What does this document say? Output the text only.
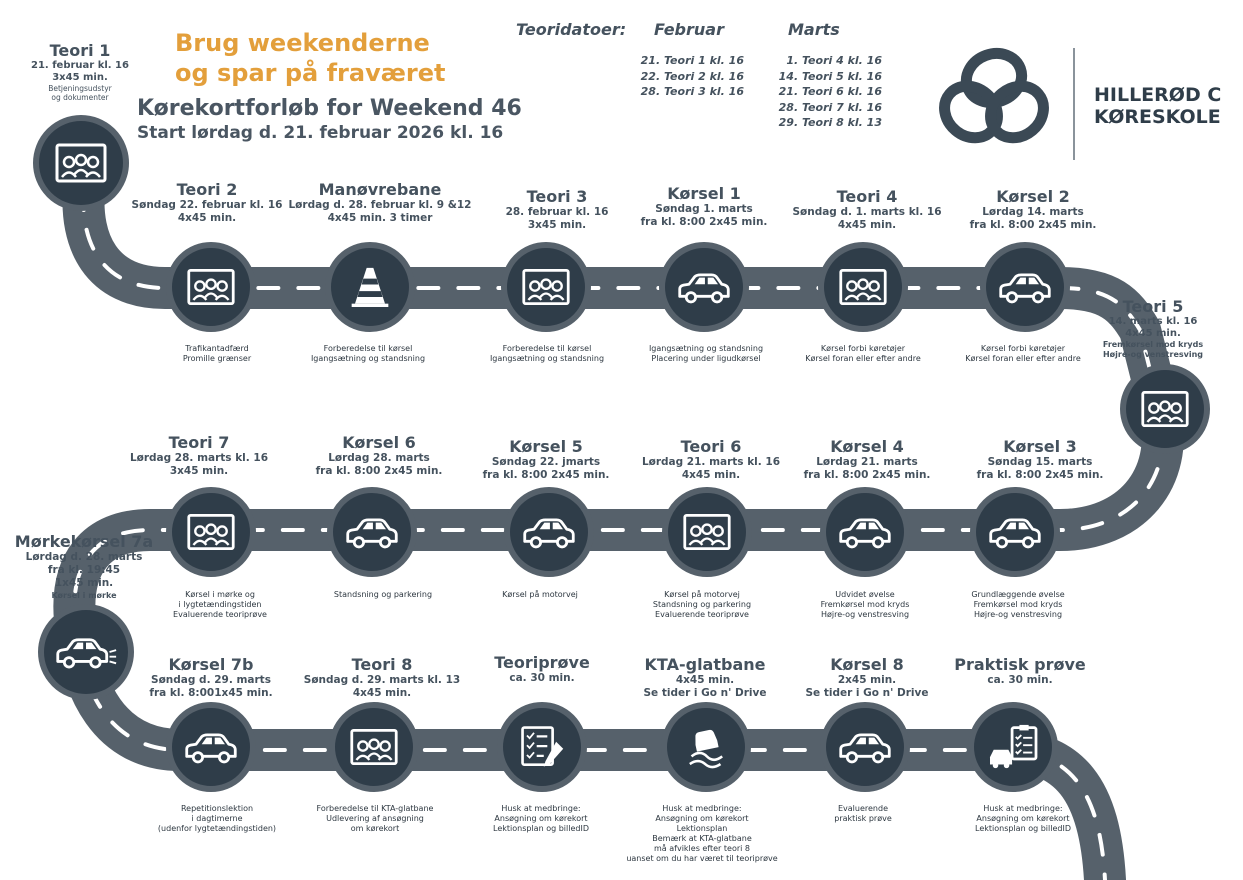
Brug weekenderne
og spar på fraværet
Kørekortforløb for Weekend 46
Start lørdag d. 21. februar 2026 kl. 16
Teoridatoer: Februar	Marts
21. Teori 1 kl. 16
22. Teori 2 kl. 16
28. Teori 3 kl. 16
1. Teori 4 kl. 16
14. Teori 5 kl. 16
21. Teori 6 kl. 16
28. Teori 7 kl. 16
29. Teori 8 kl. 13
HILLERØD C
KØRESKOLE
Teori 1
21. februar kl. 16
3x45 min.
Betjeningsudstyr
og dokumenter
Teori 2
Søndag 22. februar kl. 16
4x45 min.
Manøvrebane
Lørdag d. 28. februar kl. 9 &12
4x45 min. 3 timer
Teori 3
28. februar kl. 16
3x45 min.
Kørsel 1
Søndag 1. marts
fra kl. 8:00 2x45 min.
Teori 4
Søndag d. 1. marts kl. 16
4x45 min.
Kørsel 2
Lørdag 14. marts
fra kl. 8:00 2x45 min.
Teori 5
14. marts kl. 16
4x45 min.
Fremkørsel mod kryds
Højre-og venstresving
Kørsel 3
Søndag 15. marts
fra kl. 8:00 2x45 min.
Kørsel 4
Lørdag 21. marts
fra kl. 8:00 2x45 min.
Teori 6
Lørdag 21. marts kl. 16
4x45 min.
Kørsel 5
Søndag 22. jmarts
fra kl. 8:00 2x45 min.
Kørsel 6
Lørdag 28. marts
fra kl. 8:00 2x45 min.
Teori 7
Lørdag 28. marts kl. 16
3x45 min.
Mørkekørsel 7a
Lørdag d. 28. marts
fra kl. 19:45
1x45 min.
Kørsel i mørke
Kørsel 7b
Søndag d. 29. marts
fra kl. 8:001x45 min.
Teori 8
Søndag d. 29. marts kl. 13
4x45 min.
Teoriprøve
ca. 30 min.
KTA-glatbane
4x45 min.
Se tider i Go n' Drive
Kørsel 8
2x45 min.
Se tider i Go n' Drive
Praktisk prøve
ca. 30 min.
Trafikantadfærd
Promille grænser
Forberedelse til kørsel
Igangsætning og standsning
Forberedelse til kørsel
Igangsætning og standsning
Igangsætning og standsning
Placering under ligudkørsel
Kørsel forbi køretøjer
Kørsel foran eller efter andre
Kørsel forbi køretøjer
Kørsel foran eller efter andre
Grundlæggende øvelse
Fremkørsel mod kryds
Højre-og venstresving
Udvidet øvelse
Fremkørsel mod kryds
Højre-og venstresving
Kørsel på motorvej
Standsning og parkering
Evaluerende teoriprøve
Kørsel på motorvej
Standsning og parkering
Kørsel i mørke og
i lygtetændingstiden
Evaluerende teoriprøve
Repetitionslektion
i dagtimerne
(udenfor lygtetændingstiden)
Forberedelse til KTA-glatbane
Udlevering af ansøgning
om kørekort
Husk at medbringe:
Ansøgning om kørekort
Lektionsplan og billedID
Husk at medbringe:
Ansøgning om kørekort
Lektionsplan
Bemærk at KTA-glatbane
må afvikles efter teori 8
uanset om du har været til teoriprøve
Evaluerende
praktisk prøve
Husk at medbringe:
Ansøgning om kørekort
Lektionsplan og billedID
